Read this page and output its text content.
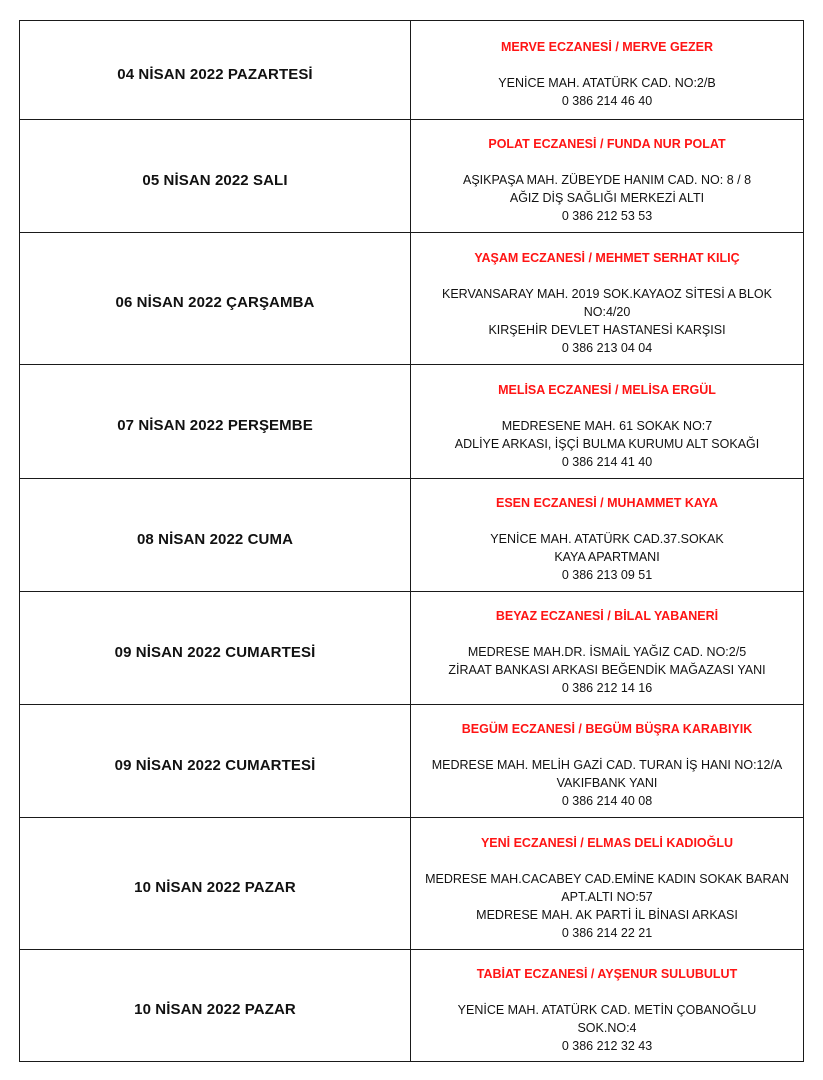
04 NİSAN 2022 PAZARTESİ	MERVE ECZANESİ / MERVE GEZER
YENİCE MAH. ATATÜRK CAD. NO:2/B
0 386 214 46 40

05 NİSAN 2022 SALI	POLAT ECZANESİ / FUNDA NUR POLAT
AŞIKPAŞA MAH. ZÜBEYDE HANIM CAD. NO: 8 / 8
AĞIZ DİŞ SAĞLIĞI MERKEZİ ALTI
0 386 212 53 53

06 NİSAN 2022 ÇARŞAMBA	YAŞAM ECZANESİ / MEHMET SERHAT KILIÇ
KERVANSARAY MAH. 2019 SOK.KAYAOZ SİTESİ A BLOK
NO:4/20
KIRŞEHİR DEVLET HASTANESİ KARŞISI
0 386 213 04 04

07 NİSAN 2022 PERŞEMBE	MELİSA ECZANESİ / MELİSA ERGÜL
MEDRESENE MAH. 61 SOKAK NO:7
ADLİYE ARKASI, İŞÇİ BULMA KURUMU ALT SOKAĞI
0 386 214 41 40

08 NİSAN 2022 CUMA	ESEN ECZANESİ / MUHAMMET KAYA
YENİCE MAH. ATATÜRK CAD.37.SOKAK
KAYA APARTMANI
0 386 213 09 51

09 NİSAN 2022 CUMARTESİ	BEYAZ ECZANESİ / BİLAL YABANERİ
MEDRESE MAH.DR. İSMAİL YAĞIZ CAD. NO:2/5
ZİRAAT BANKASI ARKASI BEĞENDİK MAĞAZASI YANI
0 386 212 14 16

09 NİSAN 2022 CUMARTESİ	BEGÜM ECZANESİ / BEGÜM BÜŞRA KARABIYIK
MEDRESE MAH. MELİH GAZİ CAD. TURAN İŞ HANI NO:12/A
VAKIFBANK YANI
0 386 214 40 08

10 NİSAN 2022 PAZAR	YENİ ECZANESİ / ELMAS DELİ KADIOĞLU
MEDRESE MAH.CACABEY CAD.EMİNE KADIN SOKAK BARAN
APT.ALTI NO:57
MEDRESE MAH. AK PARTİ İL BİNASI ARKASI
0 386 214 22 21

10 NİSAN 2022 PAZAR	TABİAT ECZANESİ / AYŞENUR SULUBULUT
YENİCE MAH. ATATÜRK CAD. METİN ÇOBANOĞLU
SOK.NO:4
0 386 212 32 43
